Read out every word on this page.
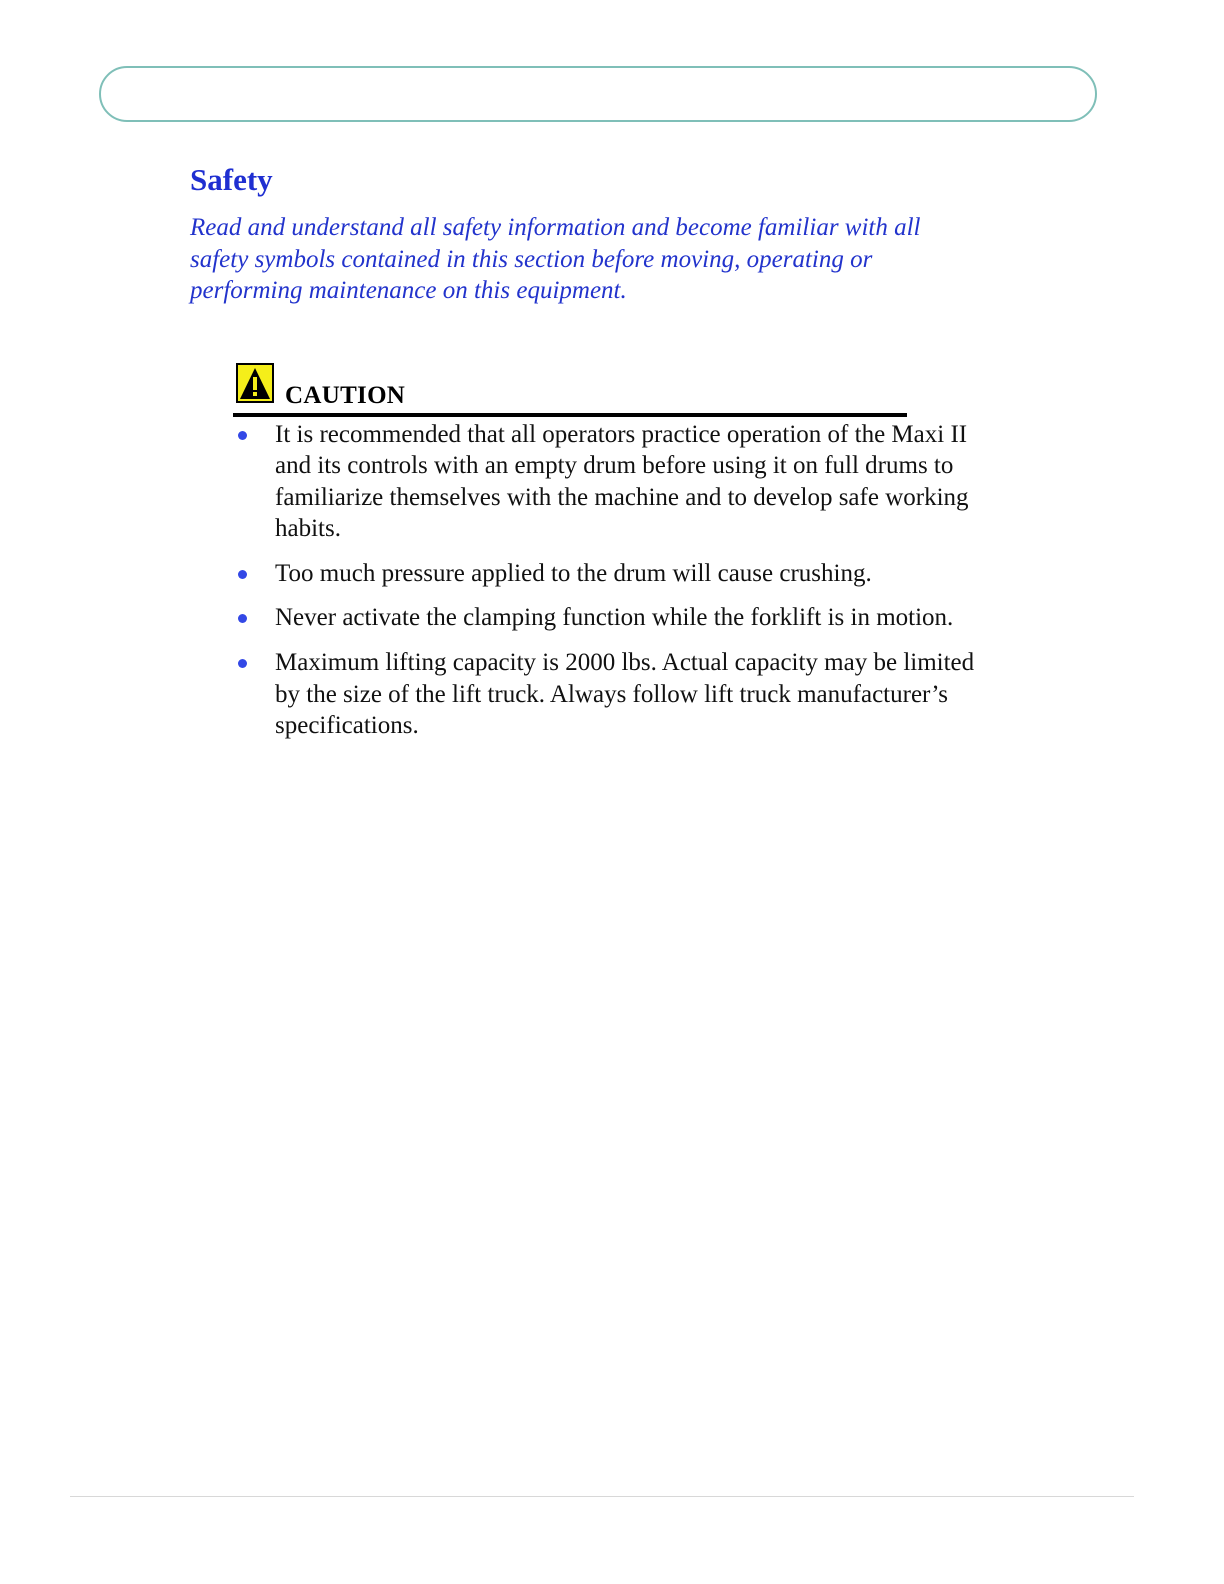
Safety

Read and understand all safety information and become familiar with all safety symbols contained in this section before moving, operating or performing maintenance on this equipment.

CAUTION
It is recommended that all operators practice operation of the Maxi II and its controls with an empty drum before using it on full drums to familiarize themselves with the machine and to develop safe working habits.
Too much pressure applied to the drum will cause crushing.
Never activate the clamping function while the forklift is in motion.
Maximum lifting capacity is 2000 lbs. Actual capacity may be limited by the size of the lift truck. Always follow lift truck manufacturer’s specifications.
